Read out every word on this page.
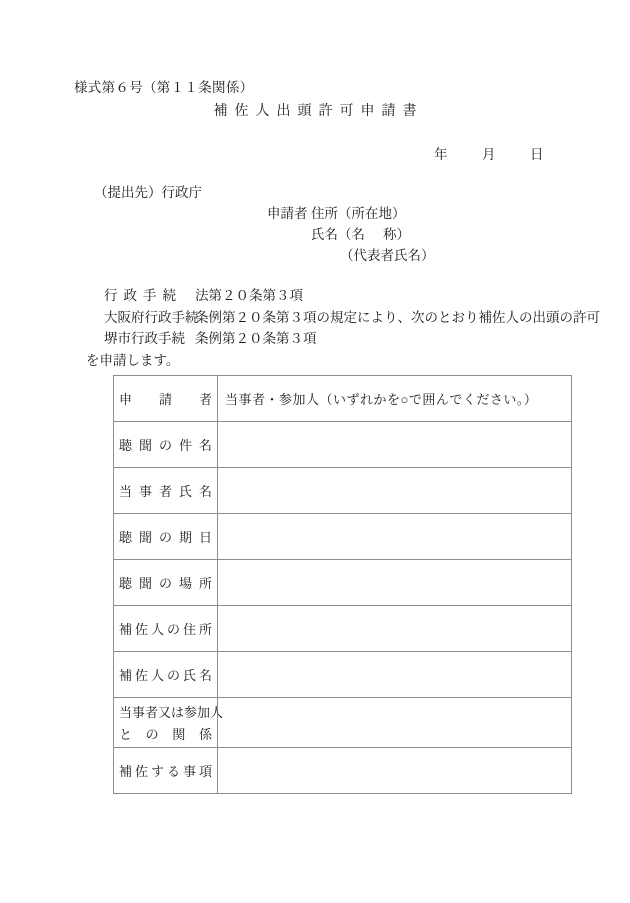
様式第６号（第１１条関係）
補佐人出頭許可申請書
年	月	日
（提出先）行政庁
申請者 住所（所在地）
氏名（名 称）
（代表者氏名）
行政手続 法第２０条第３項
大阪府行政手続条例第２０条第３項の規定により、次のとおり補佐人の出頭の許可
堺市行政手続 条例第２０条第３項
を申請します。
申請者	当事者・参加人（いずれかを○で囲んでください。）

聴聞の件名	

当事者氏名	

聴聞の期日	

聴聞の場所	

補佐人の住所	

補佐人の氏名	

当事者又は参加人
との関係	

補佐する事項	
